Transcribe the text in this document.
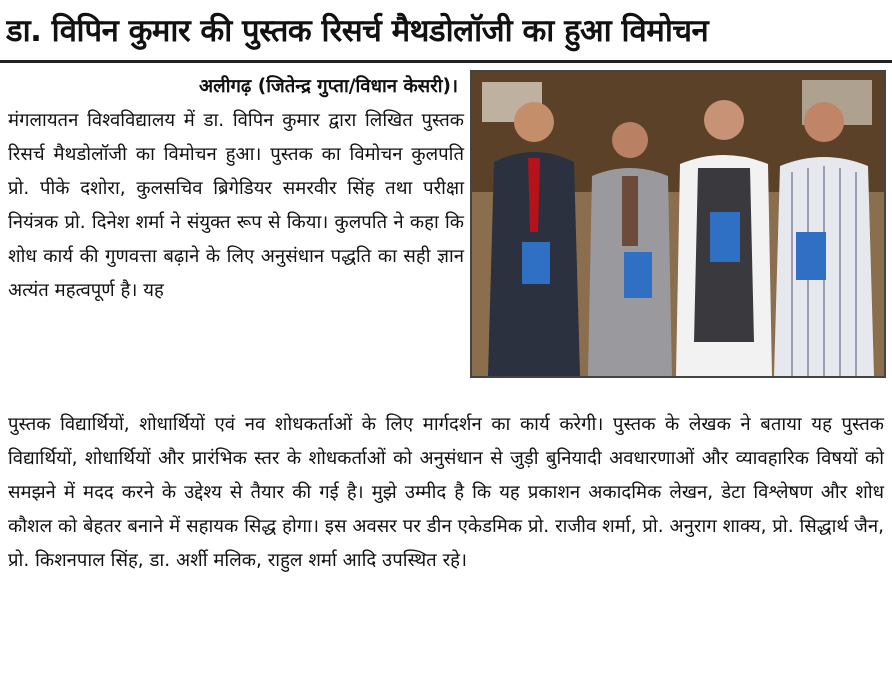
डा. विपिन कुमार की पुस्तक रिसर्च मैथडोलॉजी का हुआ विमोचन
अलीगढ़ (जितेन्द्र गुप्ता/विधान केसरी)।

मंगलायतन विश्वविद्यालय में डा. विपिन कुमार द्वारा लिखित पुस्तक रिसर्च मैथडोलॉजी का विमोचन हुआ। पुस्तक का विमोचन कुलपति प्रो. पीके दशोरा, कुलसचिव ब्रिगेडियर समरवीर सिंह तथा परीक्षा नियंत्रक प्रो. दिनेश शर्मा ने संयुक्त रूप से किया। कुलपति ने कहा कि शोध कार्य की गुणवत्ता बढ़ाने के लिए अनुसंधान पद्धति का सही ज्ञान अत्यंत महत्वपूर्ण है। यह

पुस्तक विद्यार्थियों, शोधार्थियों एवं नव शोधकर्ताओं के लिए मार्गदर्शन का कार्य करेगी। पुस्तक के लेखक ने बताया यह पुस्तक विद्यार्थियों, शोधार्थियों और प्रारंभिक स्तर के शोधकर्ताओं को अनुसंधान से जुड़ी बुनियादी अवधारणाओं और व्यावहारिक विषयों को समझने में मदद करने के उद्देश्य से तैयार की गई है। मुझे उम्मीद है कि यह प्रकाशन अकादमिक लेखन, डेटा विश्लेषण और शोध कौशल को बेहतर बनाने में सहायक सिद्ध होगा। इस अवसर पर डीन एकेडमिक प्रो. राजीव शर्मा, प्रो. अनुराग शाक्य, प्रो. सिद्धार्थ जैन, प्रो. किशनपाल सिंह, डा. अर्शी मलिक, राहुल शर्मा आदि उपस्थित रहे।
